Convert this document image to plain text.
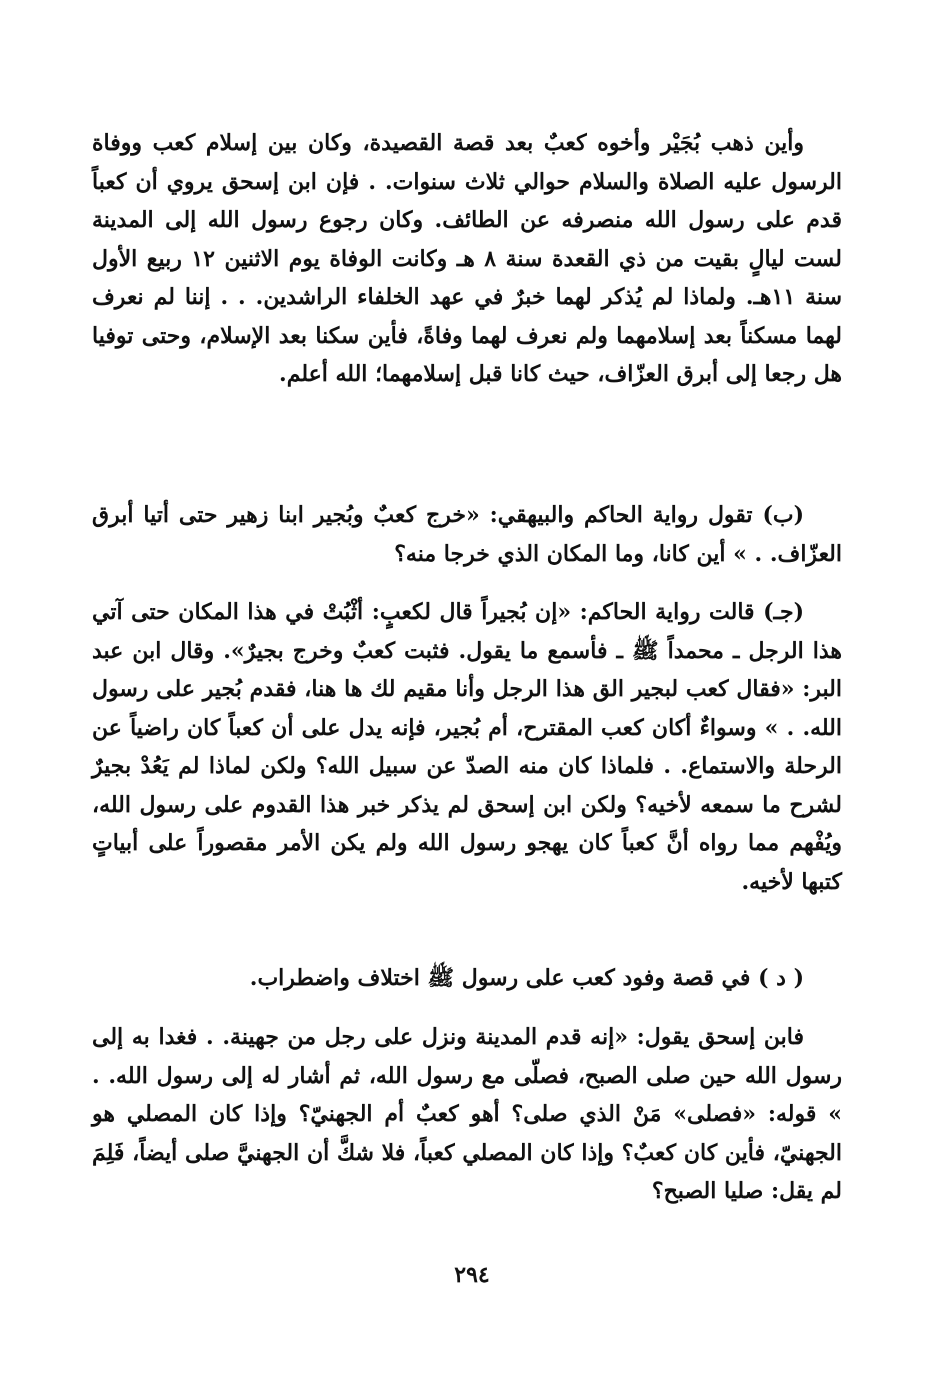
وأين ذهب بُجَيْر وأخوه كعبٌ بعد قصة القصيدة، وكان بين إسلام كعب ووفاة الرسول عليه الصلاة والسلام حوالي ثلاث سنوات. . فإن ابن إسحق يروي أن كعباً قدم على رسول الله منصرفه عن الطائف. وكان رجوع رسول الله إلى المدينة لست ليالٍ بقيت من ذي القعدة سنة ٨ هـ وكانت الوفاة يوم الاثنين ١٢ ربيع الأول سنة ١١هـ. ولماذا لم يُذكر لهما خبرٌ في عهد الخلفاء الراشدين. . . إننا لم نعرف لهما مسكناً بعد إسلامهما ولم نعرف لهما وفاةً، فأين سكنا بعد الإسلام، وحتى توفيا هل رجعا إلى أبرق العزّاف، حيث كانا قبل إسلامهما؛ الله أعلم.

(ب) تقول رواية الحاكم والبيهقي: «خرج كعبٌ وبُجير ابنا زهير حتى أتيا أبرق العزّاف. . » أين كانا، وما المكان الذي خرجا منه؟

(جـ) قالت رواية الحاكم: «إن بُجيراً قال لكعبٍ: أثْبُتْ في هذا المكان حتى آتي هذا الرجل ـ محمداً ﷺ ـ فأسمع ما يقول. فثبت كعبٌ وخرج بجيرٌ». وقال ابن عبد البر: «فقال كعب لبجير الق هذا الرجل وأنا مقيم لك ها هنا، فقدم بُجير على رسول الله. . » وسواءٌ أكان كعب المقترح، أم بُجير، فإنه يدل على أن كعباً كان راضياً عن الرحلة والاستماع. . فلماذا كان منه الصدّ عن سبيل الله؟ ولكن لماذا لم يَعُدْ بجيرٌ لشرح ما سمعه لأخيه؟ ولكن ابن إسحق لم يذكر خبر هذا القدوم على رسول الله، ويُفْهم مما رواه أنَّ كعباً كان يهجو رسول الله ولم يكن الأمر مقصوراً على أبياتٍ كتبها لأخيه.

( د ) في قصة وفود كعب على رسول ﷺ اختلاف واضطراب.

فابن إسحق يقول: «إنه قدم المدينة ونزل على رجل من جهينة. . فغدا به إلى رسول الله حين صلى الصبح، فصلّى مع رسول الله، ثم أشار له إلى رسول الله. . » قوله: «فصلى» مَنْ الذي صلى؟ أهو كعبٌ أم الجهنيّ؟ وإذا كان المصلي هو الجهنيّ، فأين كان كعبٌ؟ وإذا كان المصلي كعباً، فلا شكَّ أن الجهنيَّ صلى أيضاً، فَلِمَ لم يقل: صليا الصبح؟

٢٩٤
